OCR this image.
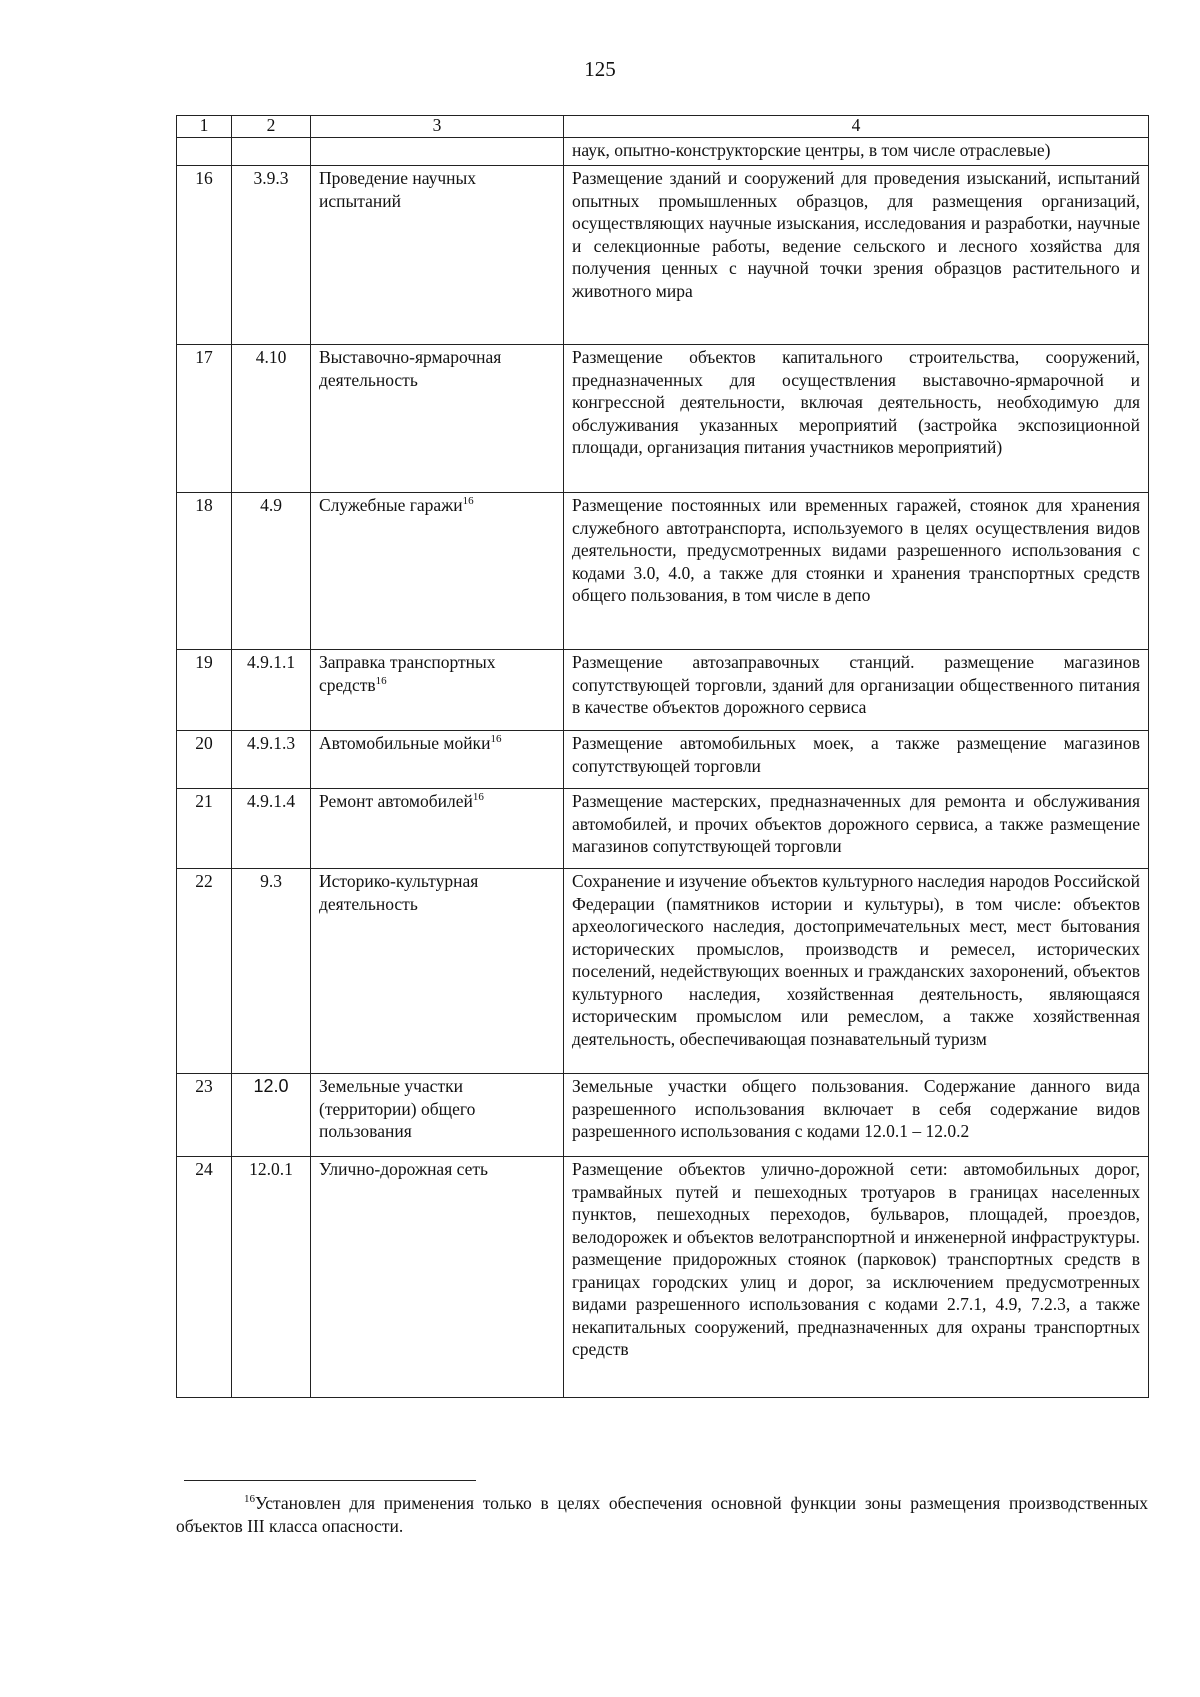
125
1	2	3	4
			наук, опытно-конструкторские центры, в том числе отраслевые)
16	3.9.3	Проведение научных испытаний	Размещение зданий и сооружений для проведения изысканий, испытаний опытных промышленных образцов, для размещения организаций, осуществляющих научные изыскания, исследования и разработки, научные и селекционные работы, ведение сельского и лесного хозяйства для получения ценных с научной точки зрения образцов растительного и животного мира
17	4.10	Выставочно-ярмарочная деятельность	Размещение объектов капитального строительства, сооружений, предназначенных для осуществления выставочно-ярмарочной и конгрессной деятельности, включая деятельность, необходимую для обслуживания указанных мероприятий (застройка экспозиционной площади, организация питания участников мероприятий)
18	4.9	Служебные гаражи$^{16}$	Размещение постоянных или временных гаражей, стоянок для хранения служебного автотранспорта, используемого в целях осуществления видов деятельности, предусмотренных видами разрешенного использования с кодами 3.0, 4.0, а также для стоянки и хранения транспортных средств общего пользования, в том числе в депо
19	4.9.1.1	Заправка транспортных средств$^{16}$	Размещение автозаправочных станций. размещение магазинов сопутствующей торговли, зданий для организации общественного питания в качестве объектов дорожного сервиса
20	4.9.1.3	Автомобильные мойки$^{16}$	Размещение автомобильных моек, а также размещение магазинов сопутствующей торговли
21	4.9.1.4	Ремонт автомобилей$^{16}$	Размещение мастерских, предназначенных для ремонта и обслуживания автомобилей, и прочих объектов дорожного сервиса, а также размещение магазинов сопутствующей торговли
22	9.3	Историко-культурная деятельность	Сохранение и изучение объектов культурного наследия народов Российской Федерации (памятников истории и культуры), в том числе: объектов археологического наследия, достопримечательных мест, мест бытования исторических промыслов, производств и ремесел, исторических поселений, недействующих военных и гражданских захоронений, объектов культурного наследия, хозяйственная деятельность, являющаяся историческим промыслом или ремеслом, а также хозяйственная деятельность, обеспечивающая познавательный туризм
23	12.0	Земельные участки (территории) общего пользования	Земельные участки общего пользования. Содержание данного вида разрешенного использования включает в себя содержание видов разрешенного использования с кодами 12.0.1 – 12.0.2
24	12.0.1	Улично-дорожная сеть	Размещение объектов улично-дорожной сети: автомобильных дорог, трамвайных путей и пешеходных тротуаров в границах населенных пунктов, пешеходных переходов, бульваров, площадей, проездов, велодорожек и объектов велотранспортной и инженерной инфраструктуры. размещение придорожных стоянок (парковок) транспортных средств в границах городских улиц и дорог, за исключением предусмотренных видами разрешенного использования с кодами 2.7.1, 4.9, 7.2.3, а также некапитальных сооружений, предназначенных для охраны транспортных средств
$^{16}$Установлен для применения только в целях обеспечения основной функции зоны размещения производственных объектов III класса опасности.
